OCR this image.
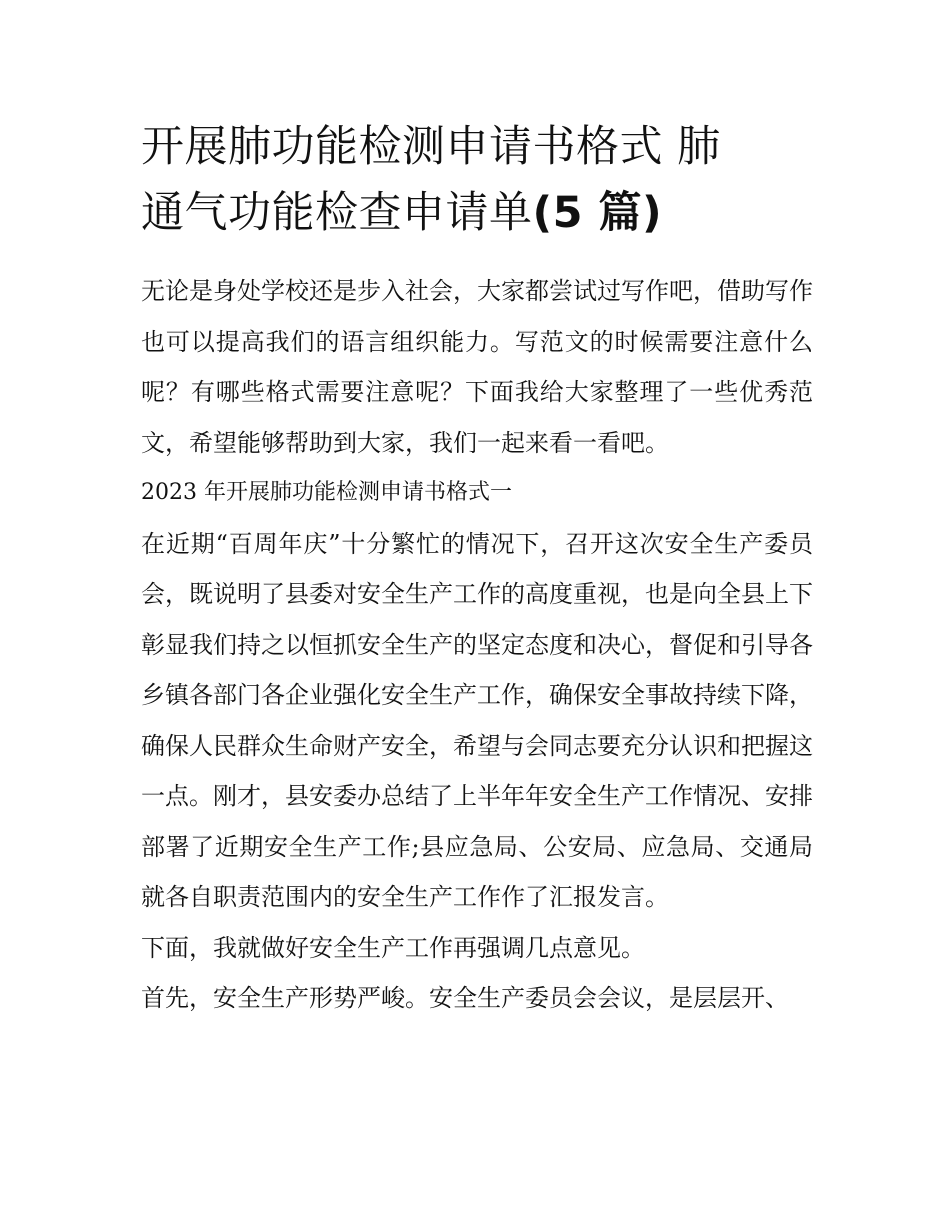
开展肺功能检测申请书格式 肺
通气功能检查申请单(5 篇)

无论是身处学校还是步入社会，大家都尝试过写作吧，借助写作也可以提高我们的语言组织能力。写范文的时候需要注意什么呢？有哪些格式需要注意呢？下面我给大家整理了一些优秀范文，希望能够帮助到大家，我们一起来看一看吧。

2023 年开展肺功能检测申请书格式一

在近期“百周年庆”十分繁忙的情况下，召开这次安全生产委员会，既说明了县委对安全生产工作的高度重视，也是向全县上下彰显我们持之以恒抓安全生产的坚定态度和决心，督促和引导各乡镇各部门各企业强化安全生产工作，确保安全事故持续下降，确保人民群众生命财产安全，希望与会同志要充分认识和把握这一点。刚才，县安委办总结了上半年年安全生产工作情况、安排部署了近期安全生产工作;县应急局、公安局、应急局、交通局就各自职责范围内的安全生产工作作了汇报发言。

下面，我就做好安全生产工作再强调几点意见。

首先，安全生产形势严峻。安全生产委员会会议，是层层开、
